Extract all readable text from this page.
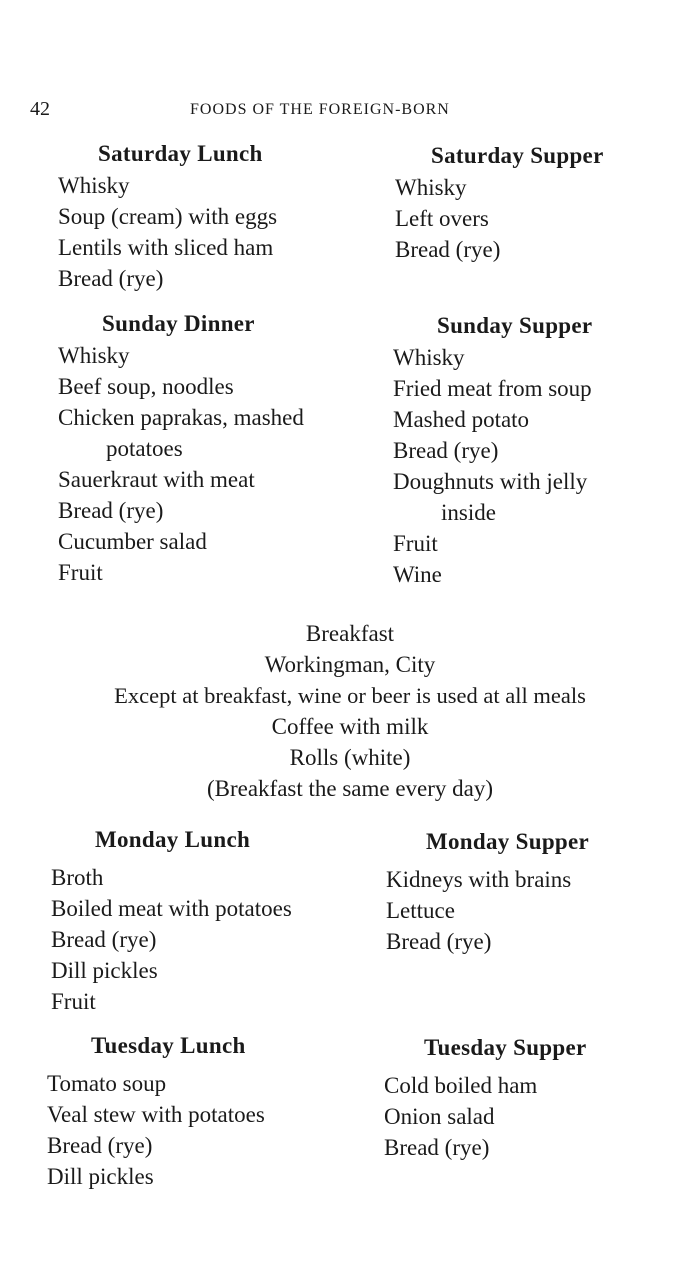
42	FOODS OF THE FOREIGN-BORN
Saturday Lunch
Whisky
Soup (cream) with eggs
Lentils with sliced ham
Bread (rye)
Saturday Supper
Whisky
Left overs
Bread (rye)
Sunday Dinner
Whisky
Beef soup, noodles
Chicken paprakas, mashed
potatoes
Sauerkraut with meat
Bread (rye)
Cucumber salad
Fruit
Sunday Supper
Whisky
Fried meat from soup
Mashed potato
Bread (rye)
Doughnuts with jelly
inside
Fruit
Wine
Breakfast
Workingman, City
Except at breakfast, wine or beer is used at all meals
Coffee with milk
Rolls (white)
(Breakfast the same every day)
Monday Lunch
Broth
Boiled meat with potatoes
Bread (rye)
Dill pickles
Fruit
Monday Supper
Kidneys with brains
Lettuce
Bread (rye)
Tuesday Lunch
Tomato soup
Veal stew with potatoes
Bread (rye)
Dill pickles
Tuesday Supper
Cold boiled ham
Onion salad
Bread (rye)
